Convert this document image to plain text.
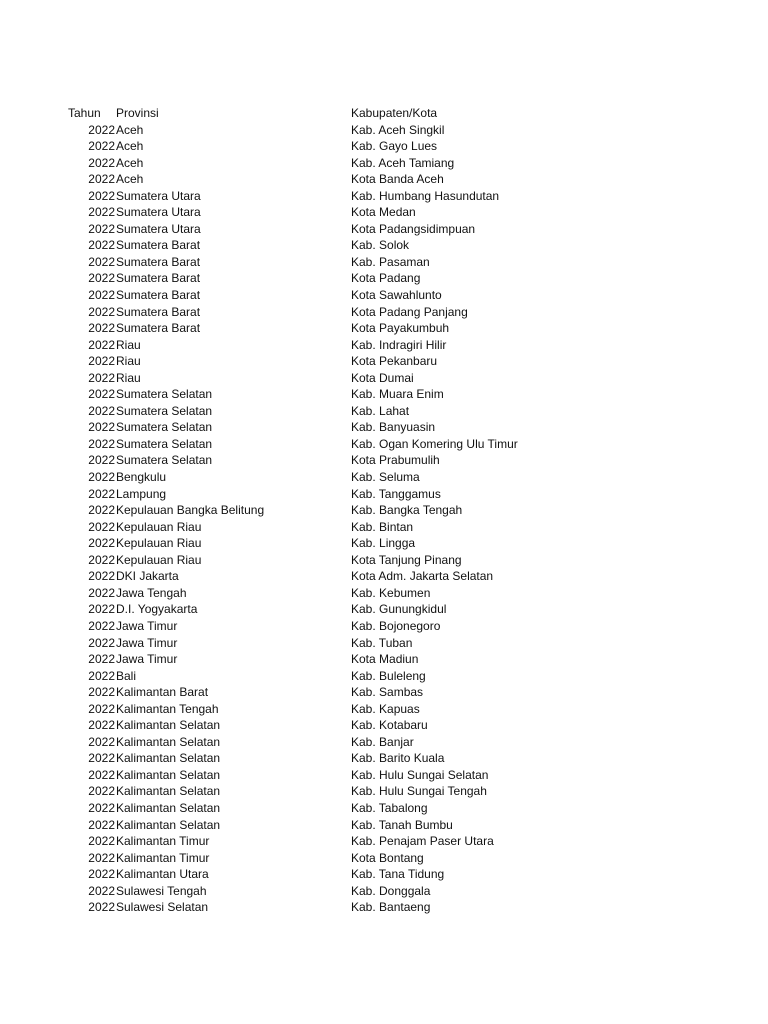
Tahun	Provinsi	Kabupaten/Kota
2022 Aceh	Kab. Aceh Singkil
2022 Aceh	Kab. Gayo Lues
2022 Aceh	Kab. Aceh Tamiang
2022 Aceh	Kota Banda Aceh
2022 Sumatera Utara	Kab. Humbang Hasundutan
2022 Sumatera Utara	Kota Medan
2022 Sumatera Utara	Kota Padangsidimpuan
2022 Sumatera Barat	Kab. Solok
2022 Sumatera Barat	Kab. Pasaman
2022 Sumatera Barat	Kota Padang
2022 Sumatera Barat	Kota Sawahlunto
2022 Sumatera Barat	Kota Padang Panjang
2022 Sumatera Barat	Kota Payakumbuh
2022 Riau	Kab. Indragiri Hilir
2022 Riau	Kota Pekanbaru
2022 Riau	Kota Dumai
2022 Sumatera Selatan	Kab. Muara Enim
2022 Sumatera Selatan	Kab. Lahat
2022 Sumatera Selatan	Kab. Banyuasin
2022 Sumatera Selatan	Kab. Ogan Komering Ulu Timur
2022 Sumatera Selatan	Kota Prabumulih
2022 Bengkulu	Kab. Seluma
2022 Lampung	Kab. Tanggamus
2022 Kepulauan Bangka Belitung	Kab. Bangka Tengah
2022 Kepulauan Riau	Kab. Bintan
2022 Kepulauan Riau	Kab. Lingga
2022 Kepulauan Riau	Kota Tanjung Pinang
2022 DKI Jakarta	Kota Adm. Jakarta Selatan
2022 Jawa Tengah	Kab. Kebumen
2022 D.I. Yogyakarta	Kab. Gunungkidul
2022 Jawa Timur	Kab. Bojonegoro
2022 Jawa Timur	Kab. Tuban
2022 Jawa Timur	Kota Madiun
2022 Bali	Kab. Buleleng
2022 Kalimantan Barat	Kab. Sambas
2022 Kalimantan Tengah	Kab. Kapuas
2022 Kalimantan Selatan	Kab. Kotabaru
2022 Kalimantan Selatan	Kab. Banjar
2022 Kalimantan Selatan	Kab. Barito Kuala
2022 Kalimantan Selatan	Kab. Hulu Sungai Selatan
2022 Kalimantan Selatan	Kab. Hulu Sungai Tengah
2022 Kalimantan Selatan	Kab. Tabalong
2022 Kalimantan Selatan	Kab. Tanah Bumbu
2022 Kalimantan Timur	Kab. Penajam Paser Utara
2022 Kalimantan Timur	Kota Bontang
2022 Kalimantan Utara	Kab. Tana Tidung
2022 Sulawesi Tengah	Kab. Donggala
2022 Sulawesi Selatan	Kab. Bantaeng
